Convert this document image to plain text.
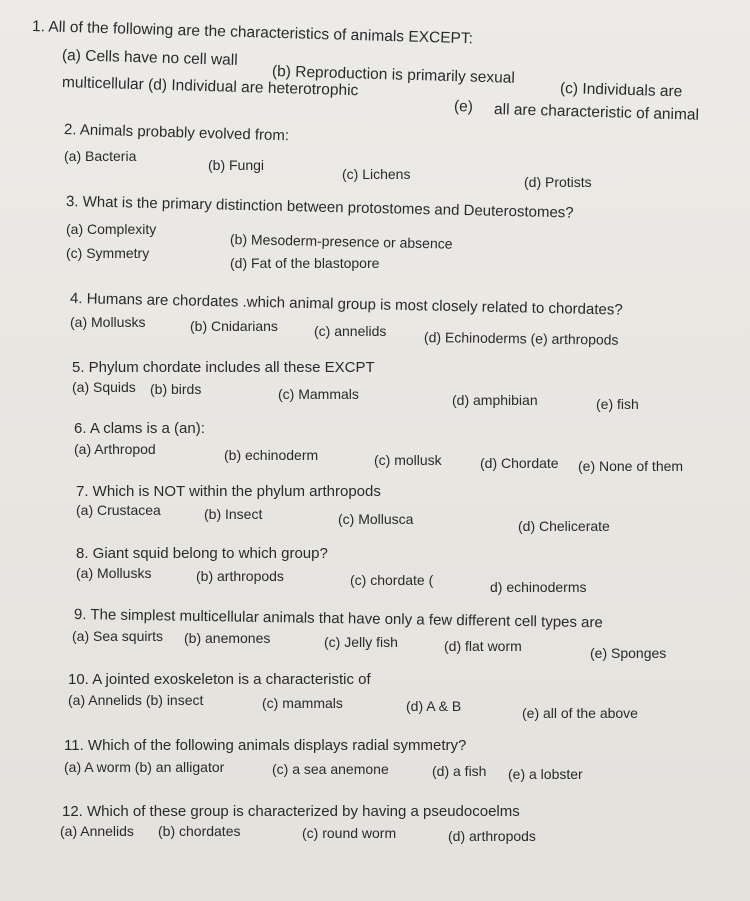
1. All of the following are the characteristics of animals EXCEPT:
(a) Cells have no cell wall
(b) Reproduction is primarily sexual
(c) Individuals are
multicellular (d) Individual are heterotrophic
(e) all are characteristic of animal
2. Animals probably evolved from:
(a) Bacteria
(b) Fungi
(c) Lichens	(d) Protists
3. What is the primary distinction between protostomes and Deuterostomes?
(a) Complexity
(b) Mesoderm-presence or absence
(c) Symmetry
(d) Fat of the blastopore
4. Humans are chordates .which animal group is most closely related to chordates?
(a) Mollusks	(b) Cnidarians	(c) annelids	(d) Echinoderms (e) arthropods
5. Phylum chordate includes all these EXCPT
(a) Squids (b) birds	(c) Mammals	(d) amphibian	(e) fish
6. A clams is a (an):
(a) Arthropod	(b) echinoderm	(c) mollusk	(d) Chordate (e) None of them
7. Which is NOT within the phylum arthropods
(a) Crustacea	(b) Insect	(c) Mollusca	(d) Chelicerate
8. Giant squid belong to which group?
(a) Mollusks	(b) arthropods	(c) chordate (	d) echinoderms
9. The simplest multicellular animals that have only a few different cell types are
(a) Sea squirts (b) anemones	(c) Jelly fish	(d) flat worm	(e) Sponges
10. A jointed exoskeleton is a characteristic of
(a) Annelids (b) insect	(c) mammals	(d) A & B	(e) all of the above
11. Which of the following animals displays radial symmetry?
(a) A worm (b) an alligator	(c) a sea anemone	(d) a fish (e) a lobster
12. Which of these group is characterized by having a pseudocoelms
(a) Annelids (b) chordates	(c) round worm	(d) arthropods
